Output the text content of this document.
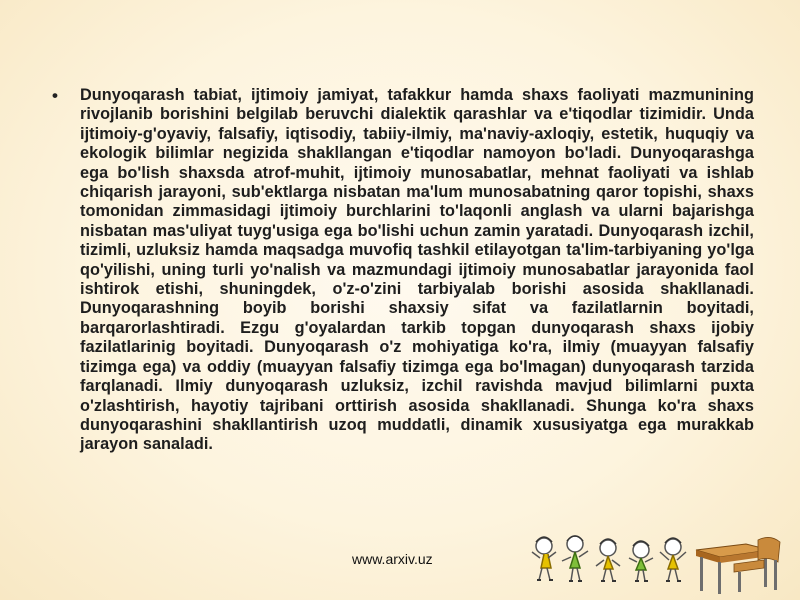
•	Dunyoqarash tabiat, ijtimoiy jamiyat, tafakkur hamda shaxs faoliyati mazmunining rivojlanib borishini belgilab beruvchi dialektik qarashlar va e'tiqodlar tizimidir. Unda ijtimoiy-g'oyaviy, falsafiy, iqtisodiy, tabiiy-ilmiy, ma'naviy-axloqiy, estetik, huquqiy va ekologik bilimlar negizida shakllangan e'tiqodlar namoyon bo'ladi. Dunyoqarashga ega bo'lish shaxsda atrof-muhit, ijtimoiy munosabatlar, mehnat faoliyati va ishlab chiqarish jarayoni, sub'ektlarga nisbatan ma'lum munosabatning qaror topishi, shaxs tomonidan zimmasidagi ijtimoiy burchlarini to'laqonli anglash va ularni bajarishga nisbatan mas'uliyat tuyg'usiga ega bo'lishi uchun zamin yaratadi. Dunyoqarash izchil, tizimli, uzluksiz hamda maqsadga muvofiq tashkil etilayotgan ta'lim-tarbiyaning yo'lga qo'yilishi, uning turli yo'nalish va mazmundagi ijtimoiy munosabatlar jarayonida faol ishtirok etishi, shuningdek, o'z-o'zini tarbiyalab borishi asosida shakllanadi. Dunyoqarashning boyib borishi shaxsiy sifat va fazilatlarnin boyitadi, barqarorlashtiradi. Ezgu g'oyalardan tarkib topgan dunyoqarash shaxs ijobiy fazilatlarinig boyitadi. Dunyoqarash o'z mohiyatiga ko'ra, ilmiy (muayyan falsafiy tizimga ega) va oddiy (muayyan falsafiy tizimga ega bo'lmagan) dunyoqarash tarzida farqlanadi. Ilmiy dunyoqarash uzluksiz, izchil ravishda mavjud bilimlarni puxta o'zlashtirish, hayotiy tajribani orttirish asosida shakllanadi. Shunga ko'ra shaxs dunyoqarashini shakllantirish uzoq muddatli, dinamik xususiyatga ega murakkab jarayon sanaladi.

www.arxiv.uz
